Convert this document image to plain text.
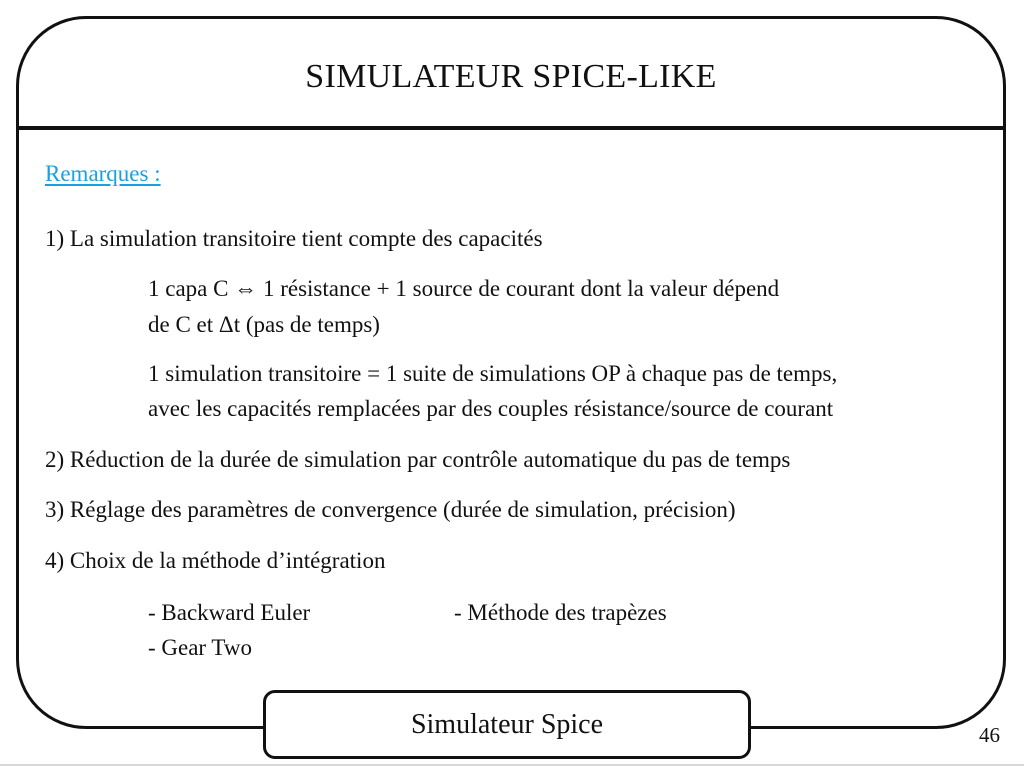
SIMULATEUR SPICE-LIKE
Remarques :
1) La simulation transitoire tient compte des capacités
1 capa C ⇔ 1 résistance + 1 source de courant dont la valeur dépend
de C et Δt (pas de temps)
1 simulation transitoire = 1 suite de simulations OP à chaque pas de temps,
avec les capacités remplacées par des couples résistance/source de courant
2) Réduction de la durée de simulation par contrôle automatique du pas de temps
3) Réglage des paramètres de convergence (durée de simulation, précision)
4) Choix de la méthode d’intégration
- Backward Euler	- Méthode des trapèzes
- Gear Two
Simulateur Spice	46
